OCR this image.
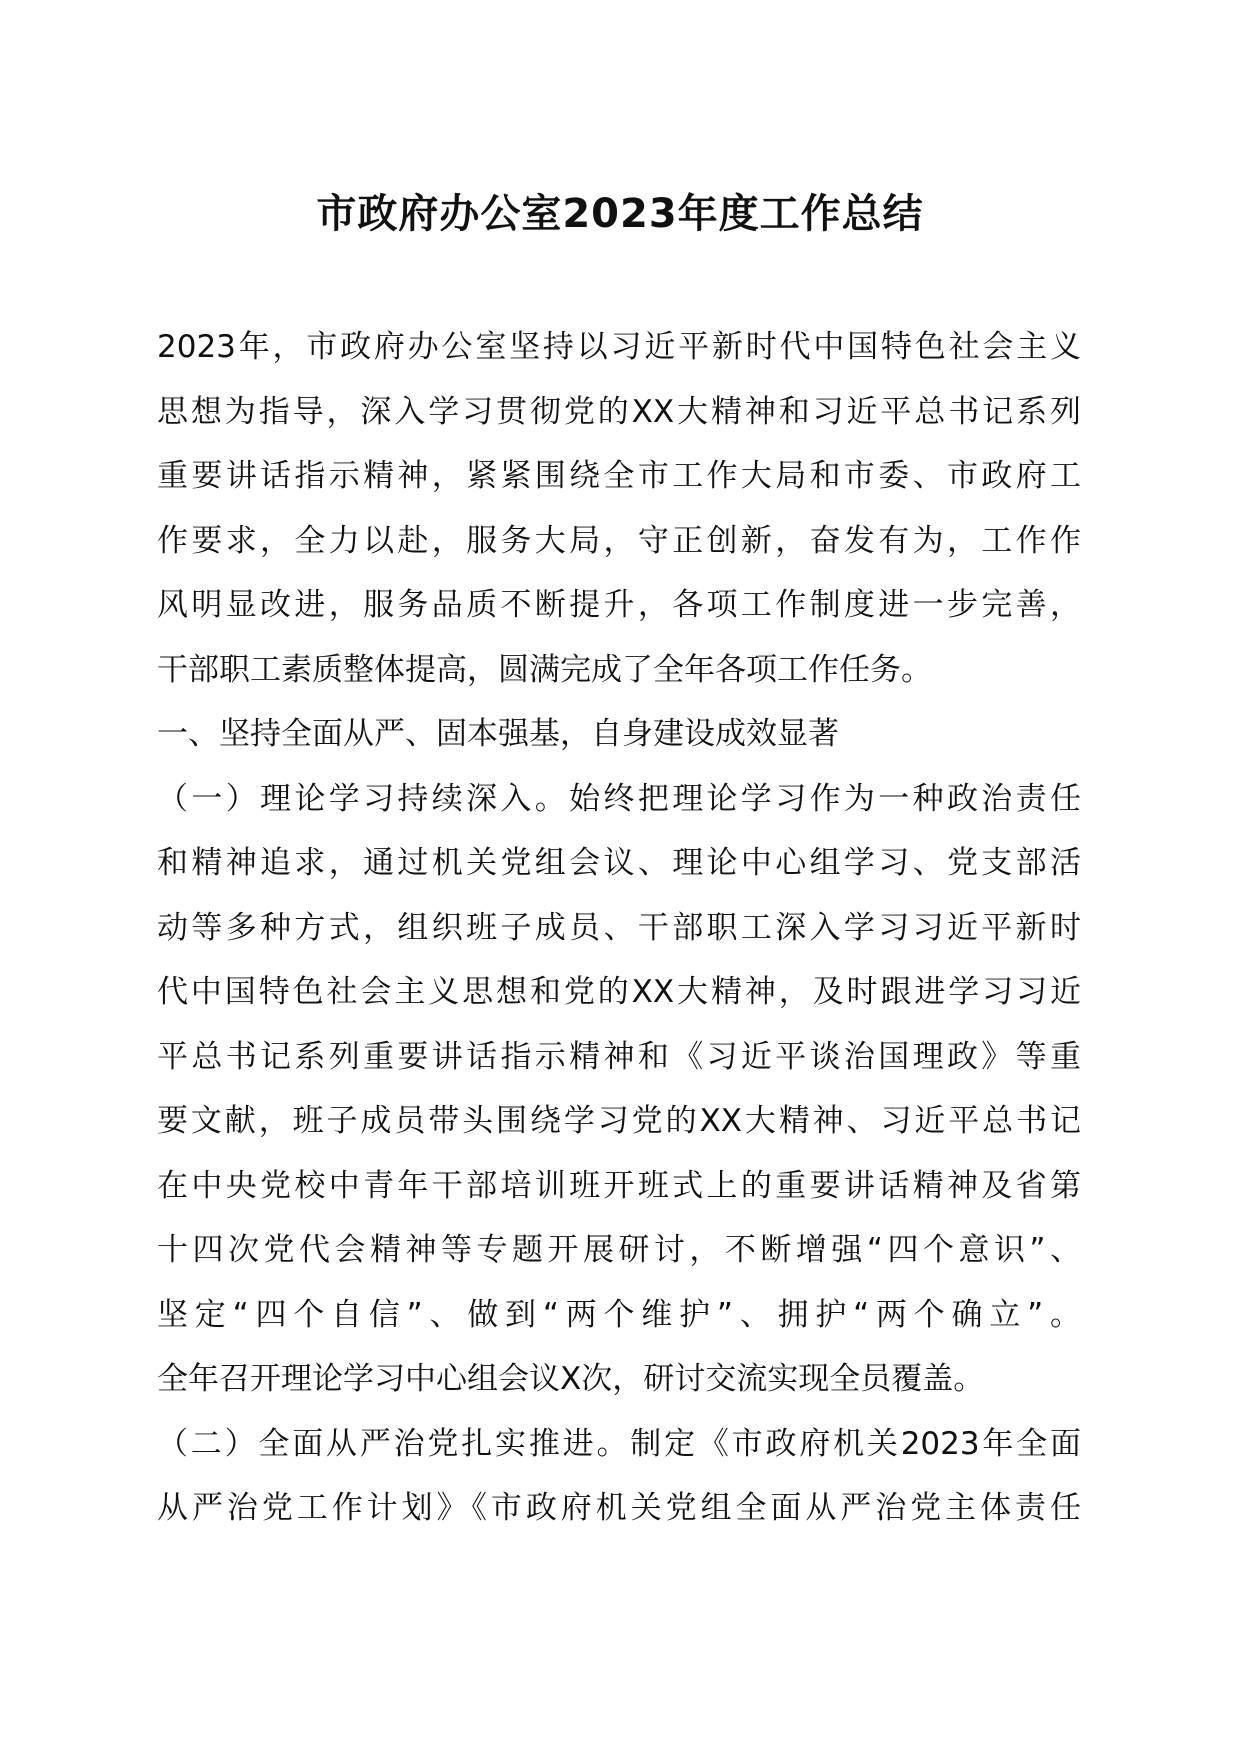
市政府办公室2023年度工作总结
2023年，市政府办公室坚持以习近平新时代中国特色社会主义
思想为指导，深入学习贯彻党的XX大精神和习近平总书记系列
重要讲话指示精神，紧紧围绕全市工作大局和市委、市政府工
作要求，全力以赴，服务大局，守正创新，奋发有为，工作作
风明显改进，服务品质不断提升，各项工作制度进一步完善，
干部职工素质整体提高，圆满完成了全年各项工作任务。
一、坚持全面从严、固本强基，自身建设成效显著
（一）理论学习持续深入。始终把理论学习作为一种政治责任
和精神追求，通过机关党组会议、理论中心组学习、党支部活
动等多种方式，组织班子成员、干部职工深入学习习近平新时
代中国特色社会主义思想和党的XX大精神，及时跟进学习习近
平总书记系列重要讲话指示精神和《习近平谈治国理政》等重
要文献，班子成员带头围绕学习党的XX大精神、习近平总书记
在中央党校中青年干部培训班开班式上的重要讲话精神及省第
十四次党代会精神等专题开展研讨，不断增强“四个意识”、
坚定“四个自信”、做到“两个维护”、拥护“两个确立”。
全年召开理论学习中心组会议X次，研讨交流实现全员覆盖。
（二）全面从严治党扎实推进。制定《市政府机关2023年全面
从严治党工作计划》《市政府机关党组全面从严治党主体责任
